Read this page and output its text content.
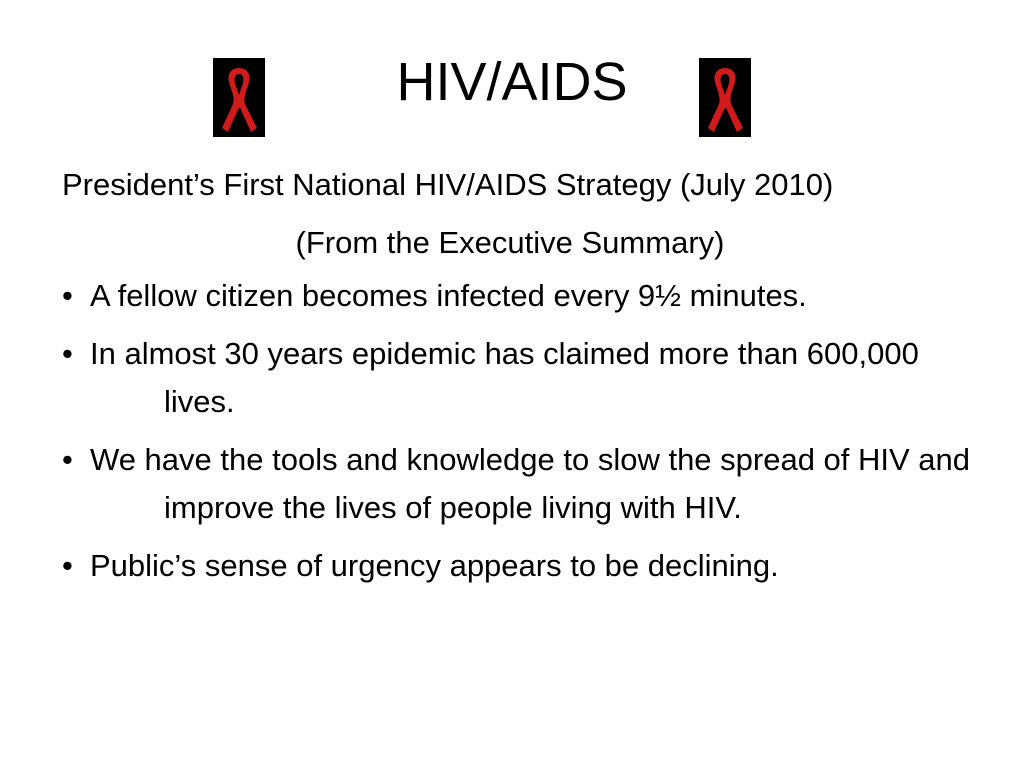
HIV/AIDS

President’s First National HIV/AIDS Strategy (July 2010)

(From the Executive Summary)

• A fellow citizen becomes infected every 9½ minutes.
• In almost 30 years epidemic has claimed more than 600,000 lives.
• We have the tools and knowledge to slow the spread of HIV and improve the lives of people living with HIV.
• Public’s sense of urgency appears to be declining.
